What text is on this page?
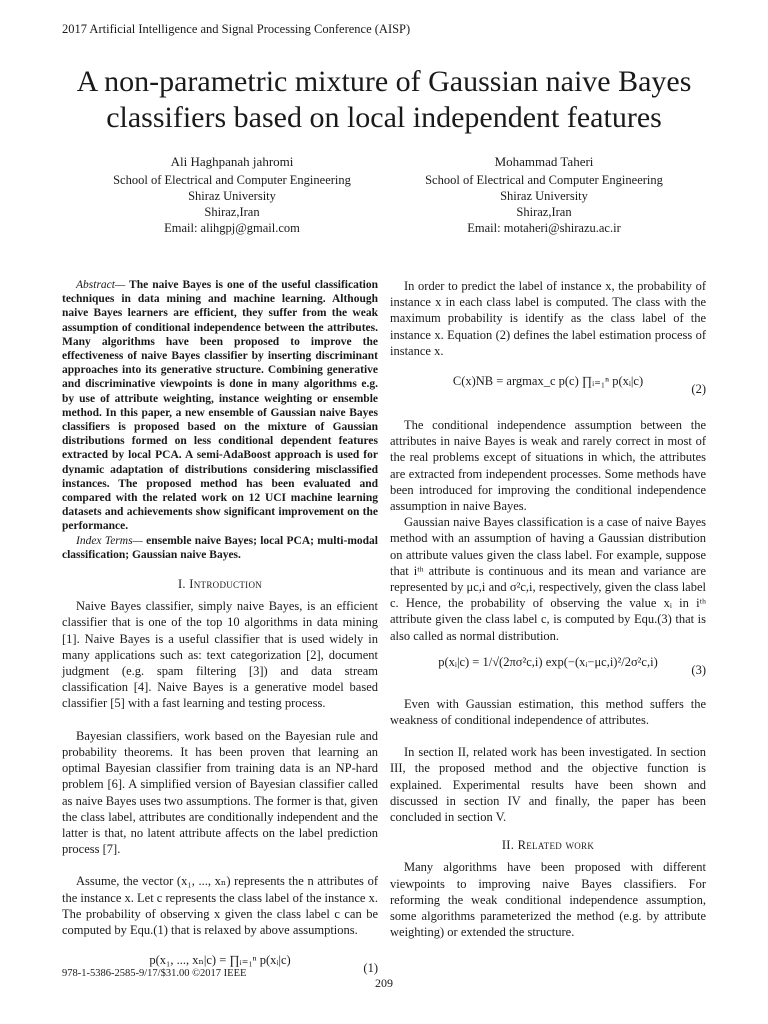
2017 Artificial Intelligence and Signal Processing Conference (AISP)
A non-parametric mixture of Gaussian naive Bayes classifiers based on local independent features
Ali Haghpanah jahromi
School of Electrical and Computer Engineering
Shiraz University
Shiraz,Iran
Email: alihgpj@gmail.com
Mohammad Taheri
School of Electrical and Computer Engineering
Shiraz University
Shiraz,Iran
Email: motaheri@shirazu.ac.ir

Abstract— The naive Bayes is one of the useful classification techniques in data mining and machine learning. Although naive Bayes learners are efficient, they suffer from the weak assumption of conditional independence between the attributes. Many algorithms have been proposed to improve the effectiveness of naive Bayes classifier by inserting discriminant approaches into its generative structure. Combining generative and discriminative viewpoints is done in many algorithms e.g. by use of attribute weighting, instance weighting or ensemble method. In this paper, a new ensemble of Gaussian naive Bayes classifiers is proposed based on the mixture of Gaussian distributions formed on less conditional dependent features extracted by local PCA. A semi-AdaBoost approach is used for dynamic adaptation of distributions considering misclassified instances. The proposed method has been evaluated and compared with the related work on 12 UCI machine learning datasets and achievements show significant improvement on the performance.

Index Terms— ensemble naive Bayes; local PCA; multi-modal classification; Gaussian naive Bayes.

I. Introduction

Naive Bayes classifier, simply naive Bayes, is an efficient classifier that is one of the top 10 algorithms in data mining [1]. Naive Bayes is a useful classifier that is used widely in many applications such as: text categorization [2], document judgment (e.g. spam filtering [3]) and data stream classification [4]. Naive Bayes is a generative model based classifier [5] with a fast learning and testing process.

Bayesian classifiers, work based on the Bayesian rule and probability theorems. It has been proven that learning an optimal Bayesian classifier from training data is an NP-hard problem [6]. A simplified version of Bayesian classifier called as naive Bayes uses two assumptions. The former is that, given the class label, attributes are conditionally independent and the latter is that, no latent attribute affects on the label prediction process [7].

Assume, the vector (x₁, ..., xₙ) represents the n attributes of the instance x. Let c represents the class label of the instance x. The probability of observing x given the class label c can be computed by Equ.(1) that is relaxed by above assumptions.

p(x₁, ..., xₙ|c) = ∏ᵢ₌₁ⁿ p(xᵢ|c)
(1)

In order to predict the label of instance x, the probability of instance x in each class label is computed. The class with the maximum probability is identify as the class label of the instance x. Equation (2) defines the label estimation process of instance x.

C(x)NB = argmax_c p(c) ∏ᵢ₌₁ⁿ p(xᵢ|c)
(2)

The conditional independence assumption between the attributes in naive Bayes is weak and rarely correct in most of the real problems except of situations in which, the attributes are extracted from independent processes. Some methods have been introduced for improving the conditional independence assumption in naive Bayes.

Gaussian naive Bayes classification is a case of naive Bayes method with an assumption of having a Gaussian distribution on attribute values given the class label. For example, suppose that iᵗʰ attribute is continuous and its mean and variance are represented by μc,i and σ²c,i, respectively, given the class label c. Hence, the probability of observing the value xᵢ in iᵗʰ attribute given the class label c, is computed by Equ.(3) that is also called as normal distribution.

p(xᵢ|c) = 1/√(2πσ²c,i) exp(−(xᵢ−μc,i)²/2σ²c,i)
(3)

Even with Gaussian estimation, this method suffers the weakness of conditional independence of attributes.

In section II, related work has been investigated. In section III, the proposed method and the objective function is explained. Experimental results have been shown and discussed in section IV and finally, the paper has been concluded in section V.

II. Related work

Many algorithms have been proposed with different viewpoints to improving naive Bayes classifiers. For reforming the weak conditional independence assumption, some algorithms parameterized the method (e.g. by attribute weighting) or extended the structure.

978-1-5386-2585-9/17/$31.00 ©2017 IEEE
209
